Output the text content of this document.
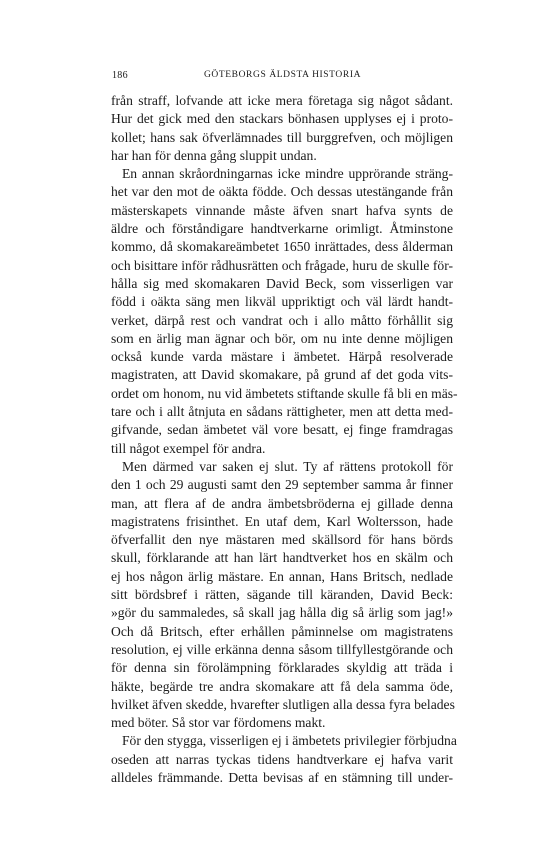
186	GÖTEBORGS ÄLDSTA HISTORIA
från straff, lofvande att icke mera företaga sig något sådant.
Hur det gick med den stackars bönhasen upplyses ej i proto-
kollet; hans sak öfverlämnades till burggrefven, och möjligen
har han för denna gång sluppit undan.
En annan skråordningarnas icke mindre upprörande sträng-
het var den mot de oäkta födde. Och dessas utestängande från
mästerskapets vinnande måste äfven snart hafva synts de
äldre och förståndigare handtverkarne orimligt. Åtminstone
kommo, då skomakareämbetet 1650 inrättades, dess ålderman
och bisittare inför rådhusrätten och frågade, huru de skulle för-
hålla sig med skomakaren David Beck, som visserligen var
född i oäkta säng men likväl uppriktigt och väl lärdt handt-
verket, därpå rest och vandrat och i allo måtto förhållit sig
som en ärlig man ägnar och bör, om nu inte denne möjligen
också kunde varda mästare i ämbetet. Härpå resolverade
magistraten, att David skomakare, på grund af det goda vits-
ordet om honom, nu vid ämbetets stiftande skulle få bli en mäs-
tare och i allt åtnjuta en sådans rättigheter, men att detta med-
gifvande, sedan ämbetet väl vore besatt, ej finge framdragas
till något exempel för andra.
Men därmed var saken ej slut. Ty af rättens protokoll för
den 1 och 29 augusti samt den 29 september samma år finner
man, att flera af de andra ämbetsbröderna ej gillade denna
magistratens frisinthet. En utaf dem, Karl Woltersson, hade
öfverfallit den nye mästaren med skällsord för hans börds
skull, förklarande att han lärt handtverket hos en skälm och
ej hos någon ärlig mästare. En annan, Hans Britsch, nedlade
sitt bördsbref i rätten, sägande till käranden, David Beck:
»gör du sammaledes, så skall jag hålla dig så ärlig som jag!»
Och då Britsch, efter erhållen påminnelse om magistratens
resolution, ej ville erkänna denna såsom tillfyllestgörande och
för denna sin förolämpning förklarades skyldig att träda i
häkte, begärde tre andra skomakare att få dela samma öde,
hvilket äfven skedde, hvarefter slutligen alla dessa fyra belades
med böter. Så stor var fördomens makt.
För den stygga, visserligen ej i ämbetets privilegier förbjudna
oseden att narras tyckas tidens handtverkare ej hafva varit
alldeles främmande. Detta bevisas af en stämning till under-
